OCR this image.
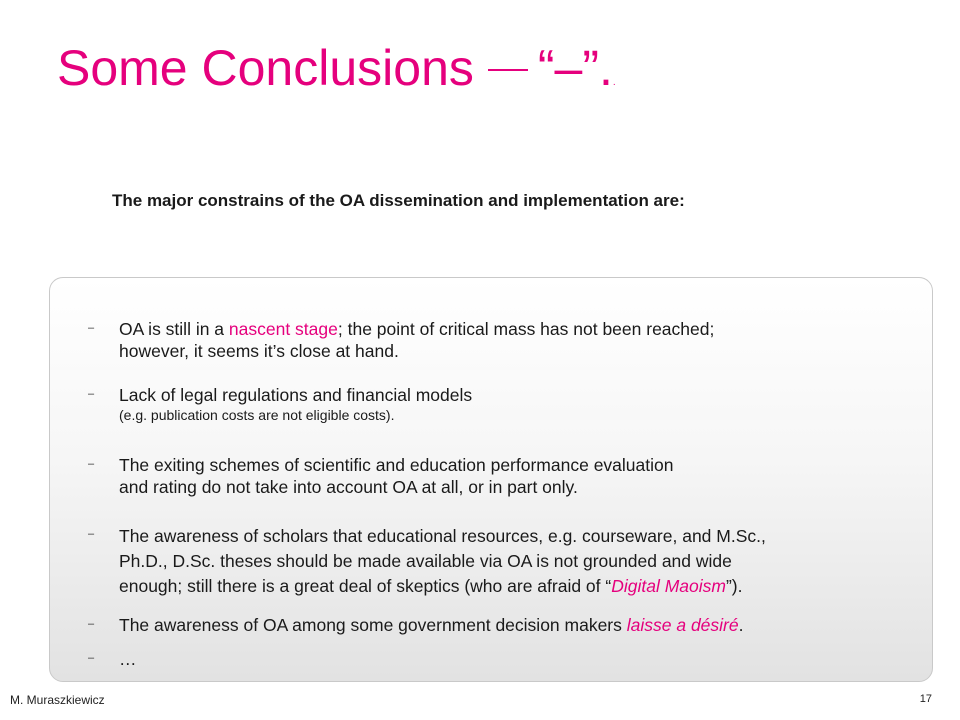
Some Conclusions “–”..
The major constrains of the OA dissemination and implementation are:
– OA is still in a nascent stage; the point of critical mass has not been reached;
however, it seems it’s close at hand.
– Lack of legal regulations and financial models
(e.g. publication costs are not eligible costs).
– The exiting schemes of scientific and education performance evaluation
and rating do not take into account OA at all, or in part only.
– The awareness of scholars that educational resources, e.g. courseware, and M.Sc.,
Ph.D., D.Sc. theses should be made available via OA is not grounded and wide
enough; still there is a great deal of skeptics (who are afraid of “Digital Maoism”).
– The awareness of OA among some government decision makers laisse a désiré.
– …
M. Muraszkiewicz	17
